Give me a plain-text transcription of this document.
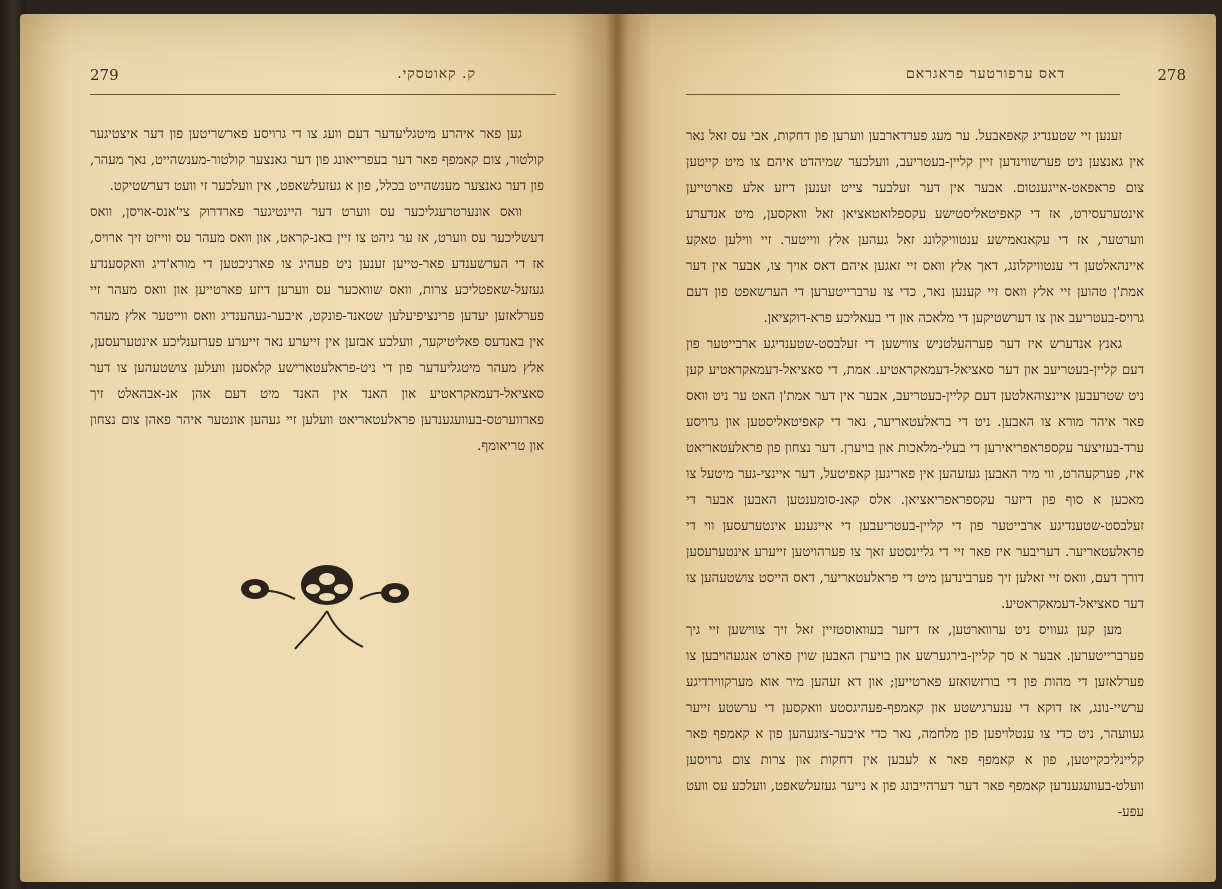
279	ק. קאוטסקי.

גען פאר איהרע מיטגליעדער דעם וועג צו די גרויסע פארשריטען פון דער איצטיגער קולטור, צום קאמפף פאר דער בעפרייאונג פון דער גאנצער קולטור-מענשהייט, נאך מעהר, פון דער גאנצער מענשהייט בכלל, פון א געזעלשאפט, אין וועלכער זי וועט דערשטיקט.

וואס אונערטרעגליכער עס ווערט דער היינטיגער פארדרוק צי'אנס-אויסן, וואס דעשליכער עס ווערט, אז ער גיהט צו זיין באנ-קראט, און וואס מעהר עס ווייזט זיך ארויס, אז די הערשענדע פאר-טייען זענען ניט פעהיג צו פארניכטען די מורא'דיג וואקסענדע געזעל-שאפטליכע צרות, וואס שוואכער עס ווערען דיזע פארטייען און וואס מעהר זיי פערלאזען יעדען פרינציפיעלען שטאנד-פונקט, איבער-געהענדיג וואס ווייטער אלץ מעהר אין באנדעס פאליטיקער, וועלכע אבזען אין זייערע נאר זייערע פערזענליכע אינטערעסען, אלץ מעהר מיטגליעדער פון די ניט-פראלעטארישע קלאסען וועלען צושטעהען צו דער סאציאל-דעמאקראטיע און האנד אין האנד מיט דעם אהן אנ-אבהאלט זיך פארווערטס-בעוועגענדען פראלעטאריאט וועלען זיי געהען אונטער איהר פאהן צום נצחון און טריאומף.

דאס ערפורטער פראגראם	278

זענען זיי שטענדיג קאפאבעל. ער מעג פערדארבען ווערען פון דחקות, אבי עס זאל נאר אין גאנצען ניט פערשווינדען זיין קליין-בעטריעב, וועלכער שמיהדט איהם צו מיט קייטען צום פראפאט-אייגענטום. אבער אין דער זעלבער צייט זענען דיזע אלע פארטייען אינטערעסירט, אז די קאפיטאליסטישע עקספלואטאציאן זאל וואקסען, מיט אנדערע ווערטער, אז די עקאנאמישע ענטוויקלונג זאל געהען אלץ ווייטער. זיי ווילען טאקע איינהאלטען די ענטוויקלונג, דאך אלץ וואס זיי זאגען איהם דאס אויך צו, אבער אין דער אמת'ן טהוען זיי אלץ וואס זיי קענען נאר, כדי צו ערברייטערען די הערשאפט פון דעם גרויס-בעטריעב און צו דערשטיקען די מלאכה און די בעאליכע פרא-דוקציאן.

גאנץ אנדערש איז דער פערהעלטניש צווישען די זעלבסט-שטענדיגע ארבייטער פון דעם קליין-בעטריעב און דער סאציאל-דעמאקראטיע. אמת, די סאציאל-דעמאקראטיע קען ניט שטרעבען איינצוהאלטען דעם קליין-בעטריעב, אבער אין דער אמת'ן האט ער ניט וואס פאר איהר מורא צו האבען. ניט די בראלעטאריער, נאר די קאפיטאליסטען און גרויסע ערד-בעזיצער עקספראפריאירען די בעלי-מלאכות און בויערן. דער נצחון פון פראלעטאריאט איז, פערקעהרט, ווי מיר האבען געזעהען אין פאריגען קאפיטעל, דער איינצי-גער מיטעל צו מאכען א סוף פון דיזער עקספראפריאציאן. אלס קאנ-סומענטען האבען אבער די זעלבסט-שטענדיגע ארבייטער פון די קליין-בעטריעבען די איינענע אינטערעסען ווי די פראלעטאריער. דעריבער איז פאר זיי די גליינסטע זאך צו פערהויטען זייערע אינטערעסען דורך דעם, וואס זיי זאלען זיך פערבינדען מיט די פראלעטאריער, דאס הייסט צושטעהען צו דער סאציאל-דעמאקראטיע.

מען קען געוויס ניט ערווארטען, אז דיזער בעוואוסטזיין זאל זיך צווישען זיי גיך פערברייטערען. אבער א סך קליין-בירגערשע און בויערן האבען שוין פארט אנגעהויבען צו פערלאזען די מהות פון די בורזשואזע פארטייען; און דא זעהען מיר אוא מערקווירדיגע ערשיי-נונג, אז דוקא די ענערגישטע און קאמפף-פעהיגסטע וואקסען די ערשטע זייער געוועהר, ניט כדי צו ענטלויפען פון מלחמה, נאר כדי איבער-צוגעהען פון א קאמפף פאר קליינליכקייטען, פון א קאמפף פאר א לעבען אין דחקות און צרות צום גרויסען וועלט-בעוועגענדען קאמפף פאר דער דערהייבונג פון א נייער געזעלשאפט, וועלכע עס וועט עפע-
